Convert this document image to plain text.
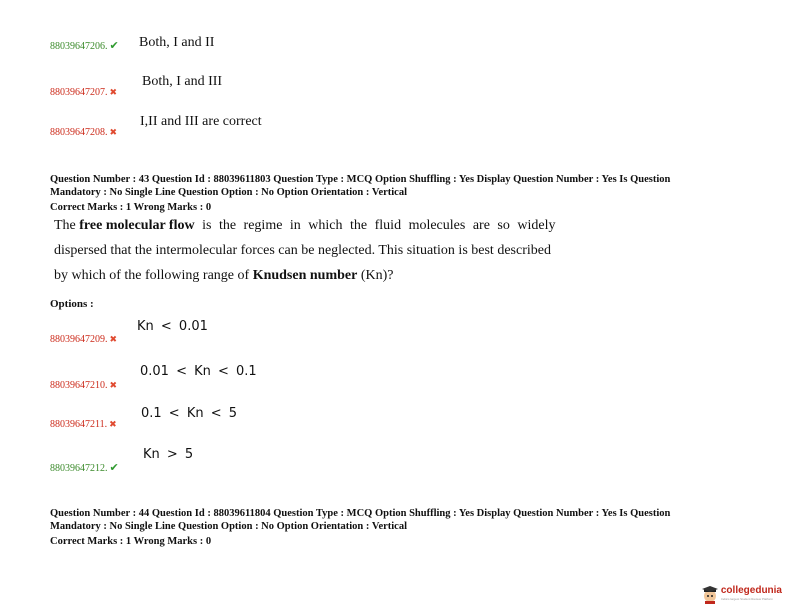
88039647206. ✔ Both, I and II
88039647207. ✖
Both, I and III
88039647208. ✖
I,II and III are correct
Question Number : 43 Question Id : 88039611803 Question Type : MCQ Option Shuffling : Yes Display Question Number : Yes Is Question
Mandatory : No Single Line Question Option : No Option Orientation : Vertical
Correct Marks : 1 Wrong Marks : 0
The free molecular flow is the regime in which the fluid molecules are so widely
dispersed that the intermolecular forces can be neglected. This situation is best described
by which of the following range of Knudsen number (Kn)?
Options :
88039647209. ✖
Kn < 0.01
88039647210. ✖
0.01 < Kn < 0.1
88039647211. ✖
0.1 < Kn < 5
88039647212. ✔
Kn > 5
Question Number : 44 Question Id : 88039611804 Question Type : MCQ Option Shuffling : Yes Display Question Number : Yes Is Question
Mandatory : No Single Line Question Option : No Option Orientation : Vertical
Correct Marks : 1 Wrong Marks : 0
collegedunia
India's largest Student Review Platform
